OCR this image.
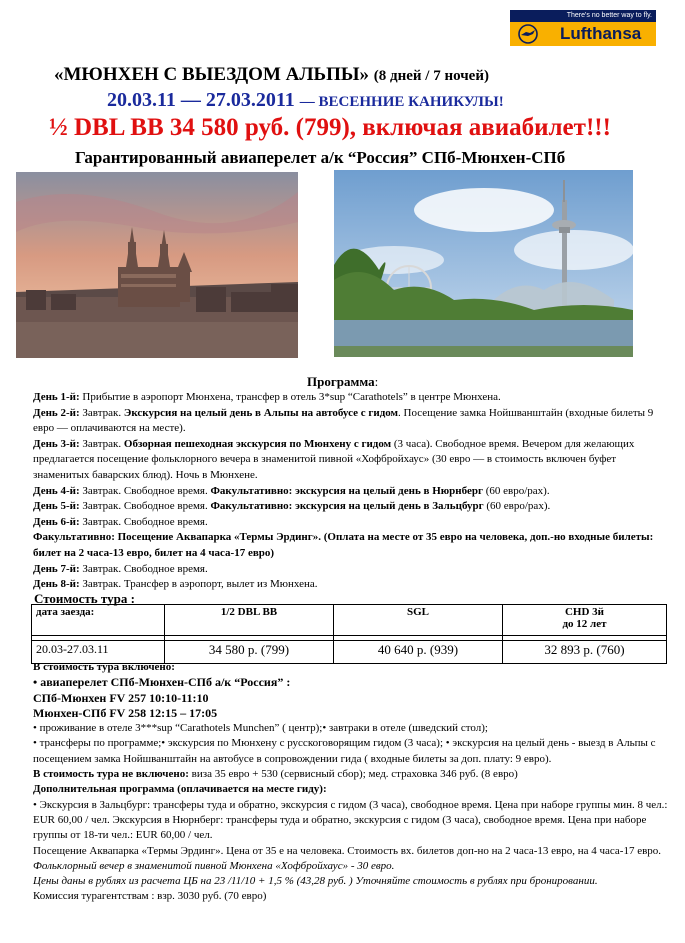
There's no better way to fly.
Lufthansa
«МЮНХЕН С ВЫЕЗДОМ АЛЬПЫ» (8 дней / 7 ночей)
20.03.11 — 27.03.2011 — ВЕСЕННИЕ КАНИКУЛЫ!
½ DBL BB 34 580 руб. (799), включая авиабилет!!!
Гарантированный авиаперелет а/к “Россия” СПб-Мюнхен-СПб
Программа:

День 1-й: Прибытие в аэропорт Мюнхена, трансфер в отель 3*sup “Carathotels” в центре Мюнхена.

День 2-й: Завтрак. Экскурсия на целый день в Альпы на автобусе с гидом. Посещение замка Нойшванштайн (входные билеты 9 евро — оплачиваются на месте).

День 3-й: Завтрак. Обзорная пешеходная экскурсия по Мюнхену с гидом (3 часа). Свободное время. Вечером для желающих предлагается посещение фольклорного вечера в знаменитой пивной «Хофбройхаус» (30 евро — в стоимость включен буфет знаменитых баварских блюд). Ночь в Мюнхене.

День 4-й: Завтрак. Свободное время. Факультативно: экскурсия на целый день в Нюрнберг (60 евро/рах).

День 5-й: Завтрак. Свободное время. Факультативно: экскурсия на целый день в Зальцбург (60 евро/рах).

День 6-й: Завтрак. Свободное время.

Факультативно: Посещение Аквапарка «Термы Эрдинг». (Оплата на месте от 35 евро на человека, доп.-но входные билеты: билет на 2 часа-13 евро, билет на 4 часа-17 евро)

День 7-й: Завтрак. Свободное время.

День 8-й: Завтрак. Трансфер в аэропорт, вылет из Мюнхена.

Стоимость тура :
дата заезда:	1/2 DBL BB	SGL	CHD 3й
до 12 лет

20.03-27.03.11	34 580 р. (799)	40 640 р. (939)	32 893 р. (760)

В стоимость тура включено:

• авиаперелет СПб-Мюнхен-СПб а/к “Россия” :

СПб-Мюнхен FV 257 10:10-11:10

Мюнхен-СПб FV 258 12:15 – 17:05

• проживание в отеле 3***sup “Carathotels Munchen” ( центр);• завтраки в отеле (шведский стол);

• трансферы по программе;• экскурсия по Мюнхену с русскоговорящим гидом (3 часа); • экскурсия на целый день - выезд в Альпы с посещением замка Нойшванштайн на автобусе в сопровождении гида ( входные билеты за доп. плату: 9 евро).

В стоимость тура не включено: виза 35 евро + 530 (сервисный сбор); мед. страховка 346 руб. (8 евро)

Дополнительная программа (оплачивается на месте гиду):

• Экскурсия в Зальцбург: трансферы туда и обратно, экскурсия с гидом (3 часа), свободное время. Цена при наборе группы мин. 8 чел.: EUR 60,00 / чел. Экскурсия в Нюрнберг: трансферы туда и обратно, экскурсия с гидом (3 часа), свободное время. Цена при наборе группы от 18-ти чел.: EUR 60,00 / чел.

Посещение Аквапарка «Термы Эрдинг». Цена от 35 е на человека. Стоимость вх. билетов доп-но на 2 часа-13 евро, на 4 часа-17 евро. Фольклорный вечер в знаменитой пивной Мюнхена «Хофбройхаус» - 30 евро.

Цены даны в рублях из расчета ЦБ на 23 /11/10 + 1,5 % (43,28 руб. ) Уточняйте стоимость в рублях при бронировании.

Комиссия турагентствам : взр. 3030 руб. (70 евро)
